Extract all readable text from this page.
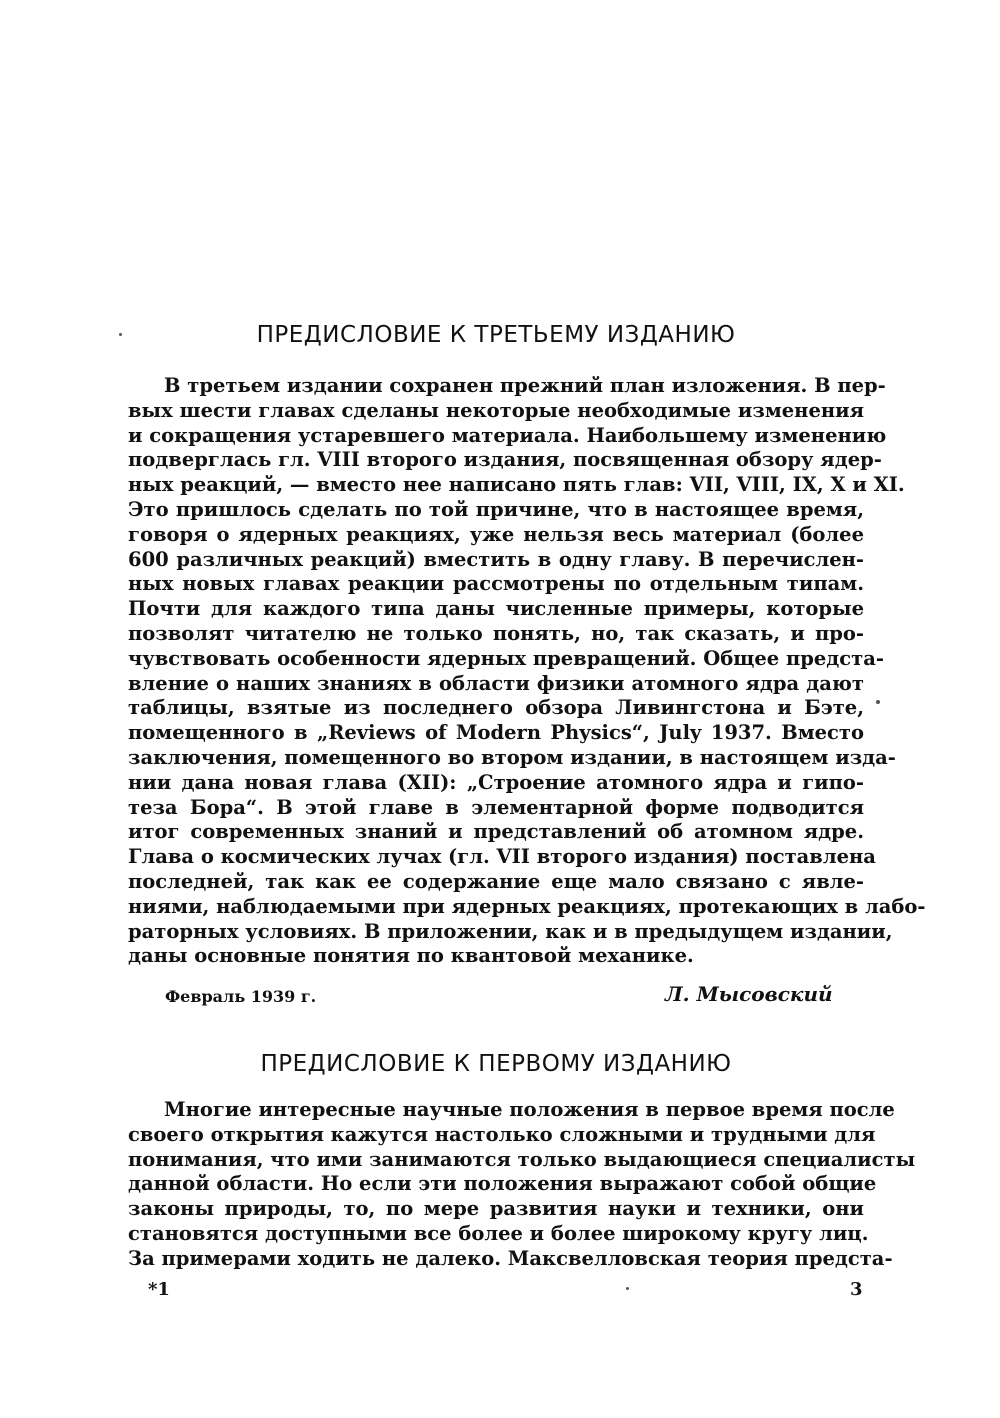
ПРЕДИСЛОВИЕ К ТРЕТЬЕМУ ИЗДАНИЮ
В третьем издании сохранен прежний план изложения. В пер-
вых шести главах сделаны некоторые необходимые изменения
и сокращения устаревшего материала. Наибольшему изменению
подверглась гл. VIII второго издания, посвященная обзору ядер-
ных реакций, — вместо нее написано пять глав: VII, VIII, IX, X и XI.
Это пришлось сделать по той причине, что в настоящее время,
говоря о ядерных реакциях, уже нельзя весь материал (более
600 различных реакций) вместить в одну главу. В перечислен-
ных новых главах реакции рассмотрены по отдельным типам.
Почти для каждого типа даны численные примеры, которые
позволят читателю не только понять, но, так сказать, и про-
чувствовать особенности ядерных превращений. Общее предста-
вление о наших знаниях в области физики атомного ядра дают
таблицы, взятые из последнего обзора Ливингстона и Бэте,
помещенного в „Reviews of Modern Physics“, July 1937. Вместо
заключения, помещенного во втором издании, в настоящем изда-
нии дана новая глава (XII): „Строение атомного ядра и гипо-
теза Бора“. В этой главе в элементарной форме подводится
итог современных знаний и представлений об атомном ядре.
Глава о космических лучах (гл. VII второго издания) поставлена
последней, так как ее содержание еще мало связано с явле-
ниями, наблюдаемыми при ядерных реакциях, протекающих в лабо-
раторных условиях. В приложении, как и в предыдущем издании,
даны основные понятия по квантовой механике.
Февраль 1939 г.	Л. Мысовский
ПРЕДИСЛОВИЕ К ПЕРВОМУ ИЗДАНИЮ
Многие интересные научные положения в первое время после
своего открытия кажутся настолько сложными и трудными для
понимания, что ими занимаются только выдающиеся специалисты
данной области. Но если эти положения выражают собой общие
законы природы, то, по мере развития науки и техники, они
становятся доступными все более и более широкому кругу лиц.
За примерами ходить не далеко. Максвелловская теория предста-
*1	3
